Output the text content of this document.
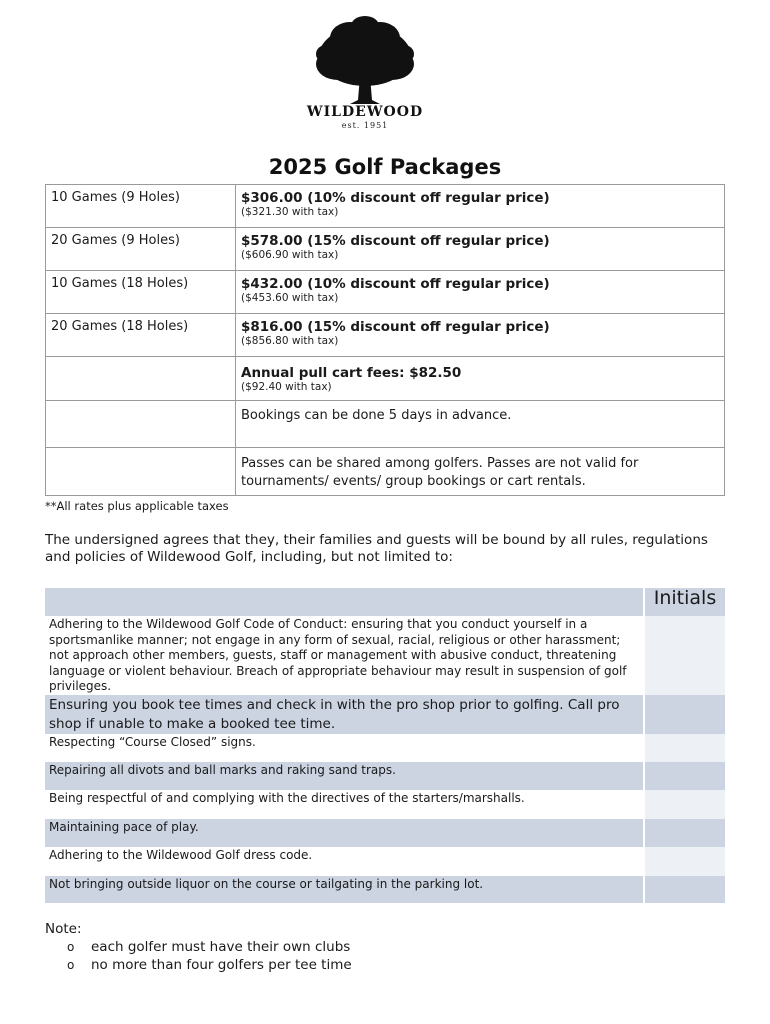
WILDEWOOD
est. 1951
2025 Golf Packages
10 Games (9 Holes)	$306.00 (10% discount off regular price)
($321.30 with tax)

20 Games (9 Holes)	$578.00 (15% discount off regular price)
($606.90 with tax)

10 Games (18 Holes)	$432.00 (10% discount off regular price)
($453.60 with tax)

20 Games (18 Holes)	$816.00 (15% discount off regular price)
($856.80 with tax)

	Annual pull cart fees: $82.50
($92.40 with tax)

	Bookings can be done 5 days in advance.
	Passes can be shared among golfers. Passes are not valid for tournaments/ events/ group bookings or cart rentals.
**All rates plus applicable taxes
The undersigned agrees that they, their families and guests will be bound by all rules, regulations and policies of Wildewood Golf, including, but not limited to:
	Initials
Adhering to the Wildewood Golf Code of Conduct: ensuring that you conduct yourself in a sportsmanlike manner; not engage in any form of sexual, racial, religious or other harassment; not approach other members, guests, staff or management with abusive conduct, threatening language or violent behaviour. Breach of appropriate behaviour may result in suspension of golf privileges.	
Ensuring you book tee times and check in with the pro shop prior to golfing. Call pro shop if unable to make a booked tee time.	
Respecting “Course Closed” signs.	
Repairing all divots and ball marks and raking sand traps.	
Being respectful of and complying with the directives of the starters/marshalls.	
Maintaining pace of play.	
Adhering to the Wildewood Golf dress code.	
Not bringing outside liquor on the course or tailgating in the parking lot.	
Note:
o	each golfer must have their own clubs
o	no more than four golfers per tee time
